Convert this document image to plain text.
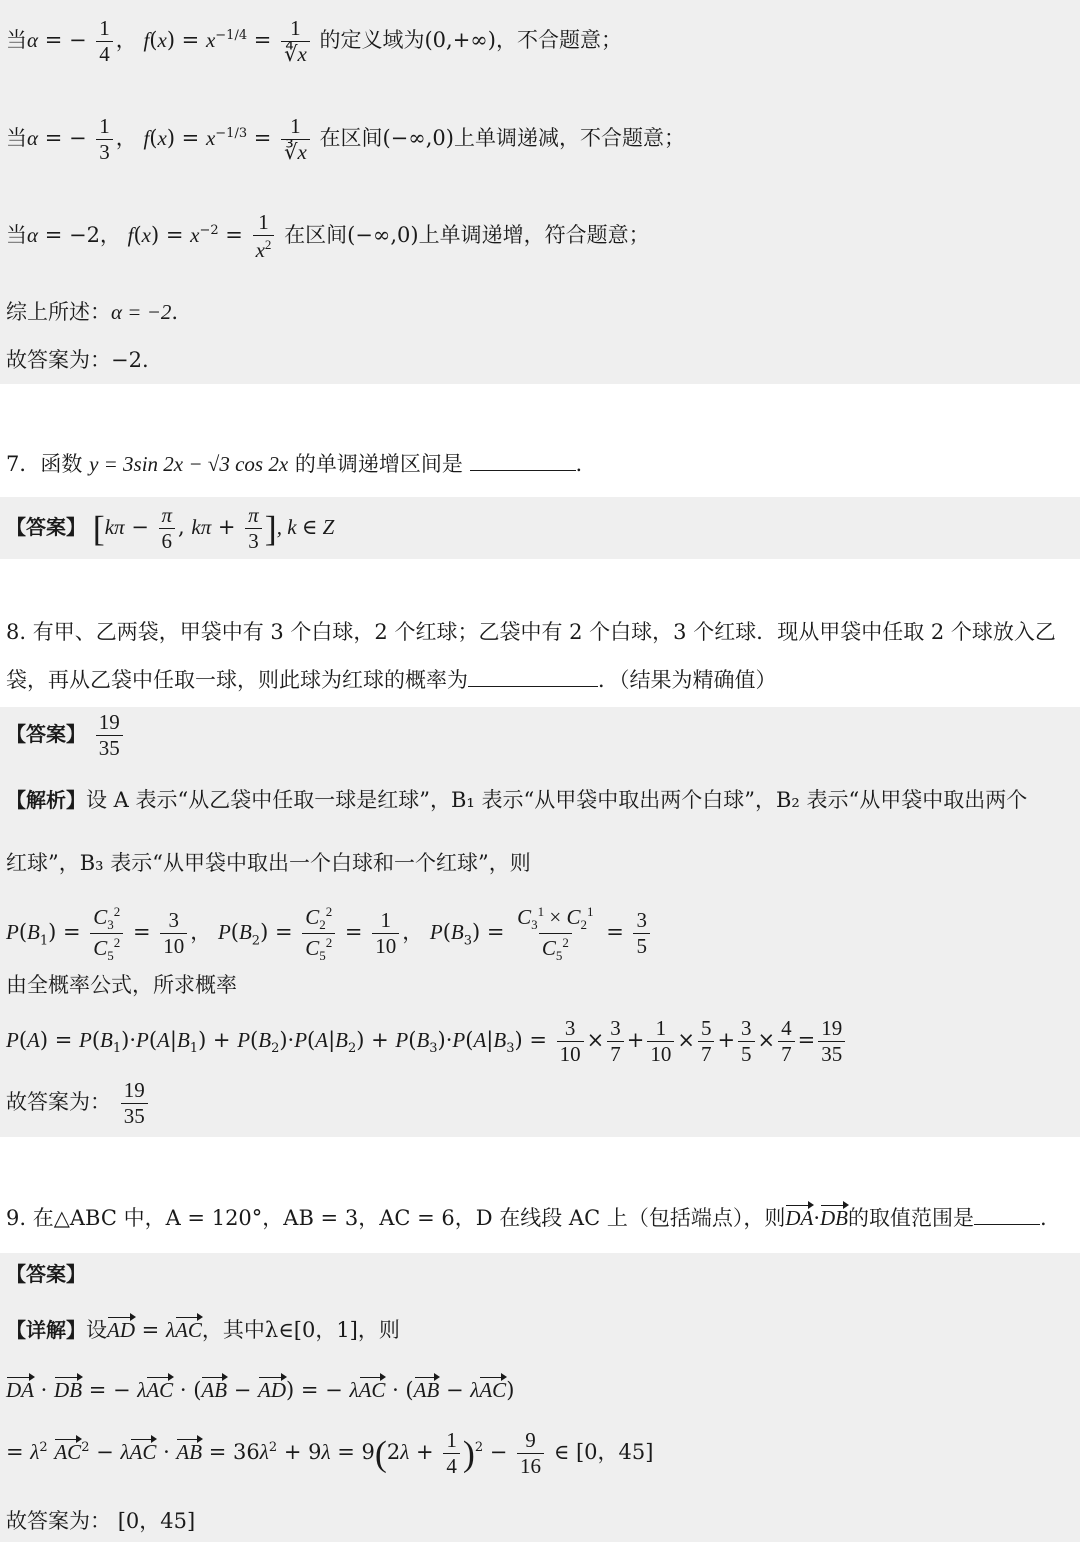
当α = − $\frac{1}{4}$ ， $f(x) = x^{-1/4} = \frac{1}{∜x}$ 的定义域为(0,+∞)，不合题意；
当α = − $\frac{1}{3}$ ， $f(x) = x^{-1/3} = \frac{1}{∛x}$ 在区间(−∞,0)上单调递减，不合题意；
当α = −2， $f(x) = x^{-2} = \frac{1}{x^2}$ 在区间(−∞,0)上单调递增，符合题意；
综上所述：α = −2.
故答案为：−2.
7．函数 y = 3sin 2x − √3 cos 2x 的单调递增区间是	.
【答案】 [$k\pi - \frac{\pi}{6}$ , $k\pi + \frac{\pi}{3}$ ], k ∈ Z
8. 有甲、乙两袋，甲袋中有 3 个白球，2 个红球；乙袋中有 2 个白球，3 个红球．现从甲袋中任取 2 个球放入乙
袋，再从乙袋中任取一球，则此球为红球的概率为	．（结果为精确值）
【答案】 $\frac{19}{35}$
【解析】设 A 表示“从乙袋中任取一球是红球”，B₁ 表示“从甲袋中取出两个白球”，B₂ 表示“从甲袋中取出两个
红球”，B₃ 表示“从甲袋中取出一个白球和一个红球”，则
$P(B_1) = \frac{C_3^2}{C_5^2} = \frac{3}{10}$ ， $P(B_2) = \frac{C_2^2}{C_5^2} = \frac{1}{10}$ ， $P(B_3) = \frac{C_3^1 \times C_2^1}{C_5^2} = \frac{3}{5}$
由全概率公式，所求概率
$P(A) = P(B_1)\cdot P(A|B_1) + P(B_2)\cdot P(A|B_2) + P(B_3)\cdot P(A|B_3) = \frac{3}{10} \times \frac{3}{7} + \frac{1}{10} \times \frac{5}{7} + \frac{3}{5} \times \frac{4}{7} = \frac{19}{35}$
故答案为： $\frac{19}{35}$
9. 在△ABC 中，A = 120°，AB = 3，AC = 6，D 在线段 AC 上（包括端点），则DA·DB的取值范围是	.
【答案】
【详解】设AD = λAC，其中λ∈[0，1]，则
DA · DB = − λAC · (AB − AD) = − λAC · (AB − λAC)
= $\lambda^2$ $AC^2 - \lambda AC$ · AB = $36\lambda^2 + 9\lambda = 9(2\lambda + \frac{1}{4} )^2 - \frac{9}{16}$ ∈ [0，45]
故答案为： [0，45]
